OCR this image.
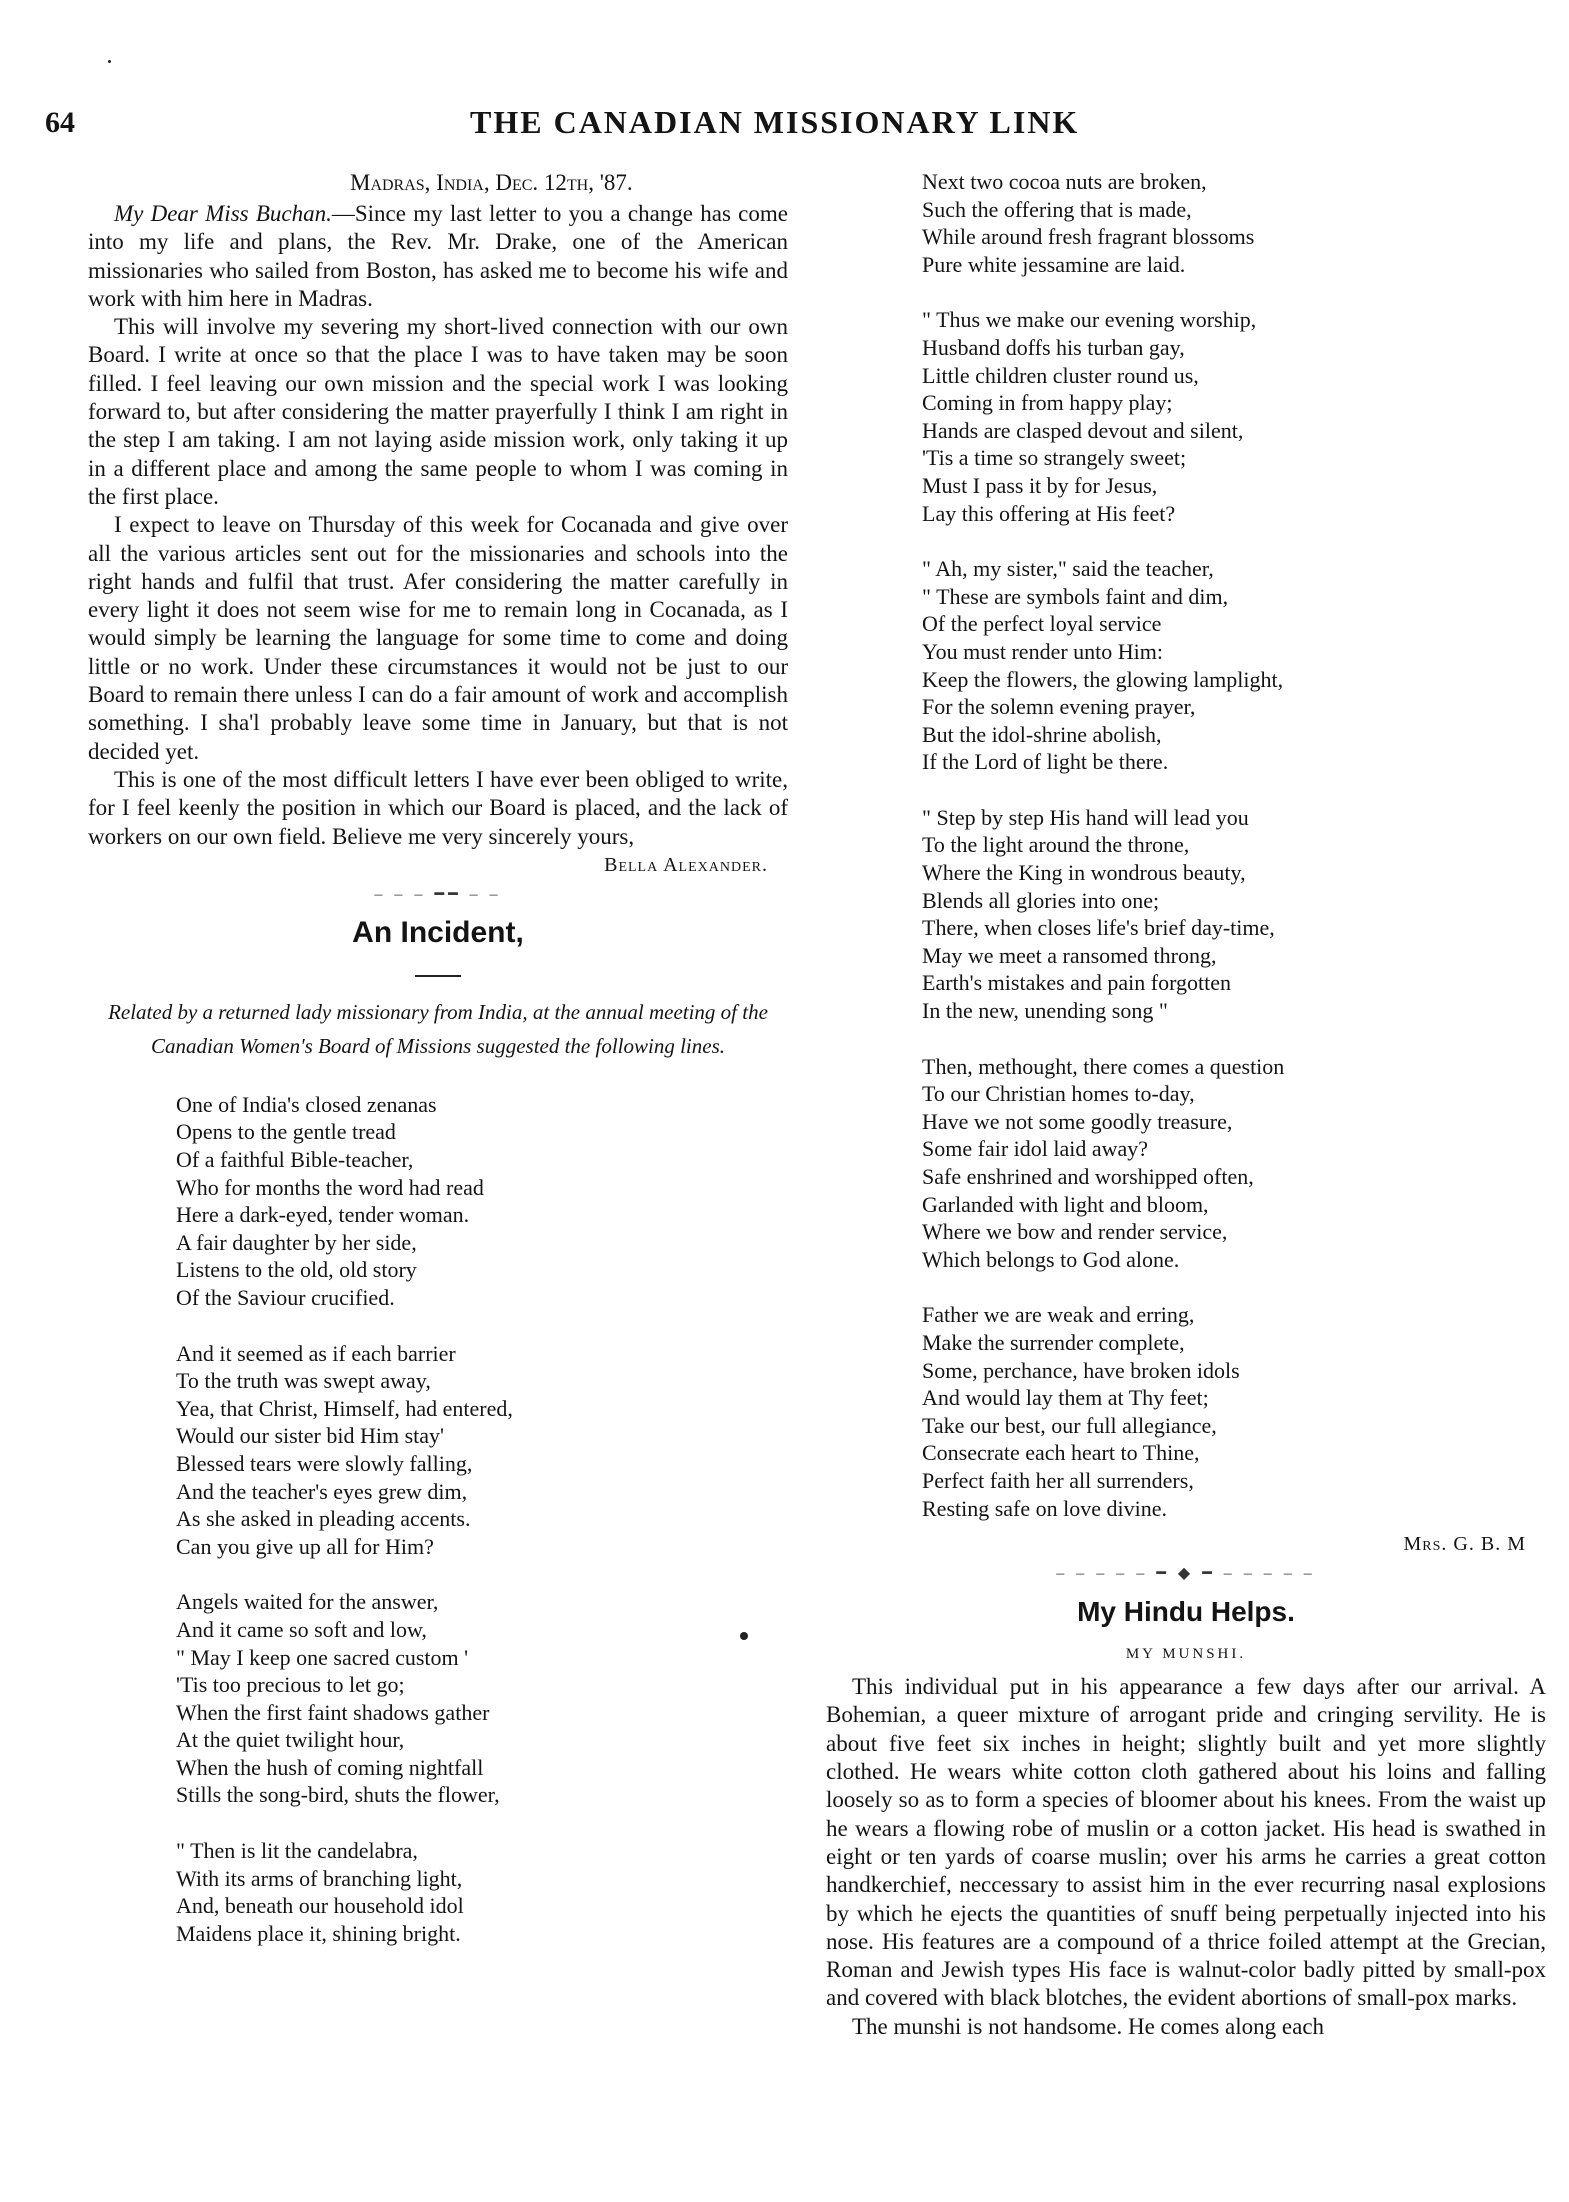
64	THE CANADIAN MISSIONARY LINK

Madras, India, Dec. 12th, '87.

My Dear Miss Buchan.—Since my last letter to you a change has come into my life and plans, the Rev. Mr. Drake, one of the American missionaries who sailed from Boston, has asked me to become his wife and work with him here in Madras.

This will involve my severing my short-lived connection with our own Board. I write at once so that the place I was to have taken may be soon filled. I feel leaving our own mission and the special work I was looking forward to, but after considering the matter prayerfully I think I am right in the step I am taking. I am not laying aside mission work, only taking it up in a different place and among the same people to whom I was coming in the first place.

I expect to leave on Thursday of this week for Cocanada and give over all the various articles sent out for the missionaries and schools into the right hands and fulfil that trust. Afer considering the matter carefully in every light it does not seem wise for me to remain long in Cocanada, as I would simply be learning the language for some time to come and doing little or no work. Under these circumstances it would not be just to our Board to remain there unless I can do a fair amount of work and accomplish something. I sha'l probably leave some time in January, but that is not decided yet.

This is one of the most difficult letters I have ever been obliged to write, for I feel keenly the position in which our Board is placed, and the lack of workers on our own field. Believe me very sincerely yours,

Bella Alexander.

‒ ‒ ‒ ━━ ‒ ‒
An Incident,

Related by a returned lady missionary from India, at the annual meeting of the Canadian Women's Board of Missions suggested the following lines.

One of India's closed zenanas
Opens to the gentle tread
Of a faithful Bible-teacher,
Who for months the word had read
Here a dark-eyed, tender woman.
A fair daughter by her side,
Listens to the old, old story
Of the Saviour crucified.
And it seemed as if each barrier
To the truth was swept away,
Yea, that Christ, Himself, had entered,
Would our sister bid Him stay'
Blessed tears were slowly falling,
And the teacher's eyes grew dim,
As she asked in pleading accents.
Can you give up all for Him?
Angels waited for the answer,
And it came so soft and low,
" May I keep one sacred custom '
'Tis too precious to let go;
When the first faint shadows gather
At the quiet twilight hour,
When the hush of coming nightfall
Stills the song-bird, shuts the flower,
" Then is lit the candelabra,
With its arms of branching light,
And, beneath our household idol
Maidens place it, shining bright.
Next two cocoa nuts are broken,
Such the offering that is made,
While around fresh fragrant blossoms
Pure white jessamine are laid.
" Thus we make our evening worship,
Husband doffs his turban gay,
Little children cluster round us,
Coming in from happy play;
Hands are clasped devout and silent,
'Tis a time so strangely sweet;
Must I pass it by for Jesus,
Lay this offering at His feet?
" Ah, my sister," said the teacher,
" These are symbols faint and dim,
Of the perfect loyal service
You must render unto Him:
Keep the flowers, the glowing lamplight,
For the solemn evening prayer,
But the idol-shrine abolish,
If the Lord of light be there.
" Step by step His hand will lead you
To the light around the throne,
Where the King in wondrous beauty,
Blends all glories into one;
There, when closes life's brief day-time,
May we meet a ransomed throng,
Earth's mistakes and pain forgotten
In the new, unending song "
Then, methought, there comes a question
To our Christian homes to-day,
Have we not some goodly treasure,
Some fair idol laid away?
Safe enshrined and worshipped often,
Garlanded with light and bloom,
Where we bow and render service,
Which belongs to God alone.
Father we are weak and erring,
Make the surrender complete,
Some, perchance, have broken idols
And would lay them at Thy feet;
Take our best, our full allegiance,
Consecrate each heart to Thine,
Perfect faith her all surrenders,
Resting safe on love divine.

Mrs. G. B. M

‒ ‒ ‒ ‒ ‒ ━ ◆ ━ ‒ ‒ ‒ ‒ ‒
My Hindu Helps.
MY MUNSHI.

This individual put in his appearance a few days after our arrival. A Bohemian, a queer mixture of arrogant pride and cringing servility. He is about five feet six inches in height; slightly built and yet more slightly clothed. He wears white cotton cloth gathered about his loins and falling loosely so as to form a species of bloomer about his knees. From the waist up he wears a flowing robe of muslin or a cotton jacket. His head is swathed in eight or ten yards of coarse muslin; over his arms he carries a great cotton handkerchief, neccessary to assist him in the ever recurring nasal explosions by which he ejects the quantities of snuff being perpetually injected into his nose. His features are a compound of a thrice foiled attempt at the Grecian, Roman and Jewish types His face is walnut-color badly pitted by small-pox and covered with black blotches, the evident abortions of small-pox marks.

The munshi is not handsome. He comes along each
